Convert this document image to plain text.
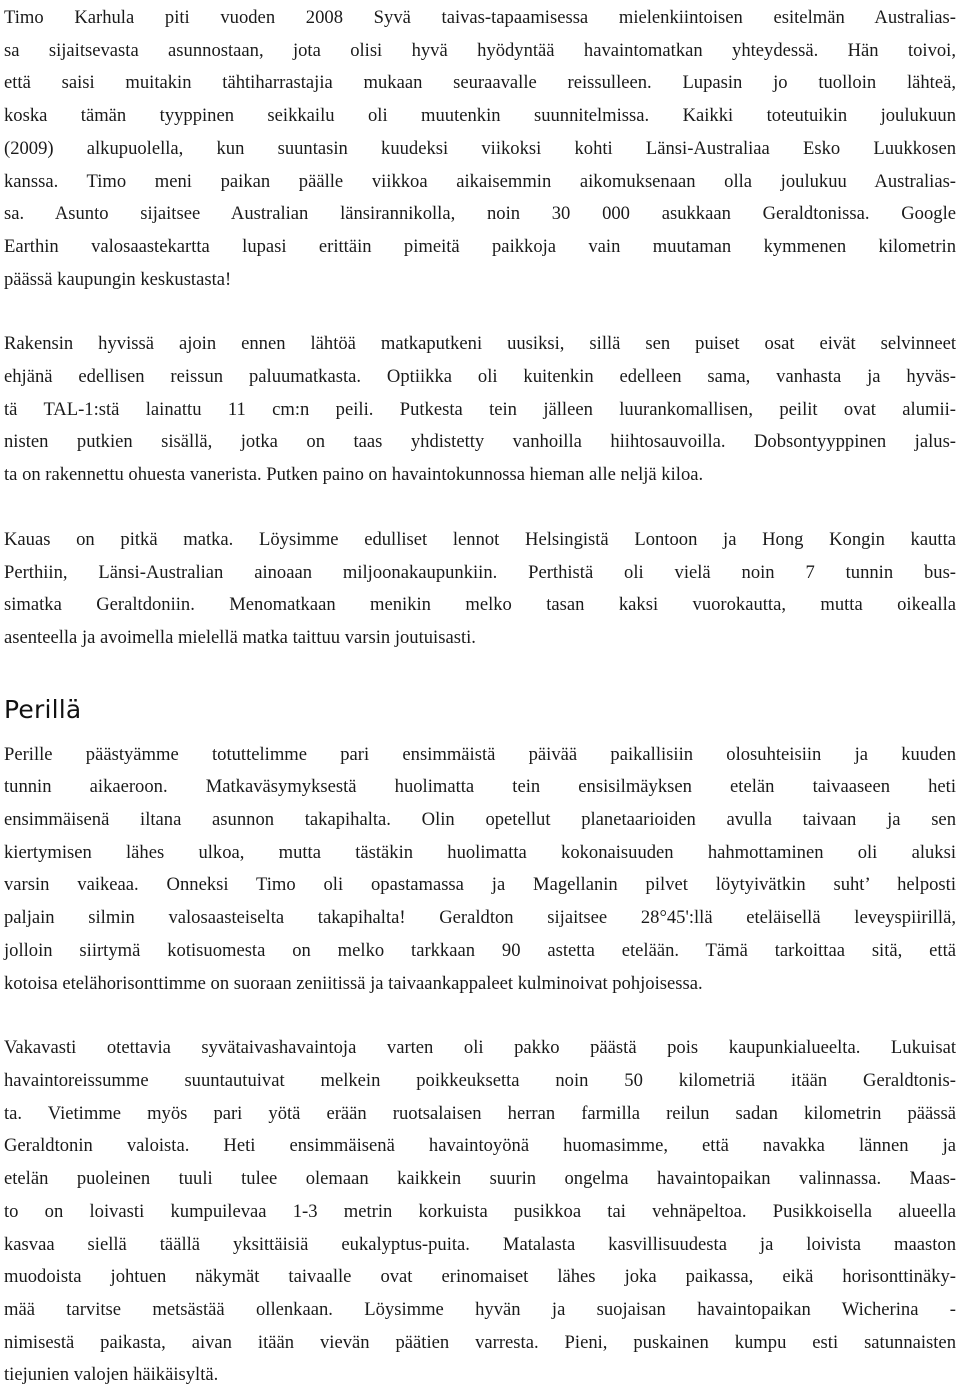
Timo Karhula piti vuoden 2008 Syvä taivas-tapaamisessa mielenkiintoisen esitelmän Australias-
sa sijaitsevasta asunnostaan, jota olisi hyvä hyödyntää havaintomatkan yhteydessä. Hän toivoi,
että saisi muitakin tähtiharrastajia mukaan seuraavalle reissulleen. Lupasin jo tuolloin lähteä,
koska tämän tyyppinen seikkailu oli muutenkin suunnitelmissa. Kaikki toteutuikin joulukuun
(2009) alkupuolella, kun suuntasin kuudeksi viikoksi kohti Länsi-Australiaa Esko Luukkosen
kanssa. Timo meni paikan päälle viikkoa aikaisemmin aikomuksenaan olla joulukuu Australias-
sa. Asunto sijaitsee Australian länsirannikolla, noin 30 000 asukkaan Geraldtonissa. Google
Earthin valosaastekartta lupasi erittäin pimeitä paikkoja vain muutaman kymmenen kilometrin
päässä kaupungin keskustasta!

Rakensin hyvissä ajoin ennen lähtöä matkaputkeni uusiksi, sillä sen puiset osat eivät selvinneet
ehjänä edellisen reissun paluumatkasta. Optiikka oli kuitenkin edelleen sama, vanhasta ja hyväs-
tä TAL-1:stä lainattu 11 cm:n peili. Putkesta tein jälleen luurankomallisen, peilit ovat alumii-
nisten putkien sisällä, jotka on taas yhdistetty vanhoilla hiihtosauvoilla. Dobsontyyppinen jalus-
ta on rakennettu ohuesta vanerista. Putken paino on havaintokunnossa hieman alle neljä kiloa.

Kauas on pitkä matka. Löysimme edulliset lennot Helsingistä Lontoon ja Hong Kongin kautta
Perthiin, Länsi-Australian ainoaan miljoonakaupunkiin. Perthistä oli vielä noin 7 tunnin bus-
simatka Geraltdoniin. Menomatkaan menikin melko tasan kaksi vuorokautta, mutta oikealla
asenteella ja avoimella mielellä matka taittuu varsin joutuisasti.

Perillä

Perille päästyämme totuttelimme pari ensimmäistä päivää paikallisiin olosuhteisiin ja kuuden
tunnin aikaeroon. Matkaväsymyksestä huolimatta tein ensisilmäyksen etelän taivaaseen heti
ensimmäisenä iltana asunnon takapihalta. Olin opetellut planetaarioiden avulla taivaan ja sen
kiertymisen lähes ulkoa, mutta tästäkin huolimatta kokonaisuuden hahmottaminen oli aluksi
varsin vaikeaa. Onneksi Timo oli opastamassa ja Magellanin pilvet löytyivätkin suht’ helposti
paljain silmin valosaasteiselta takapihalta! Geraldton sijaitsee 28°45':llä eteläisellä leveyspiirillä,
jolloin siirtymä kotisuomesta on melko tarkkaan 90 astetta etelään. Tämä tarkoittaa sitä, että
kotoisa etelähorisonttimme on suoraan zeniitissä ja taivaankappaleet kulminoivat pohjoisessa.

Vakavasti otettavia syvätaivashavaintoja varten oli pakko päästä pois kaupunkialueelta. Lukuisat
havaintoreissumme suuntautuivat melkein poikkeuksetta noin 50 kilometriä itään Geraldtonis-
ta. Vietimme myös pari yötä erään ruotsalaisen herran farmilla reilun sadan kilometrin päässä
Geraldtonin valoista. Heti ensimmäisenä havaintoyönä huomasimme, että navakka lännen ja
etelän puoleinen tuuli tulee olemaan kaikkein suurin ongelma havaintopaikan valinnassa. Maas-
to on loivasti kumpuilevaa 1-3 metrin korkuista pusikkoa tai vehnäpeltoa. Pusikkoisella alueella
kasvaa siellä täällä yksittäisiä eukalyptus-puita. Matalasta kasvillisuudesta ja loivista maaston
muodoista johtuen näkymät taivaalle ovat erinomaiset lähes joka paikassa, eikä horisonttinäky-
mää tarvitse metsästää ollenkaan. Löysimme hyvän ja suojaisan havaintopaikan Wicherina -
nimisestä paikasta, aivan itään vievän päätien varresta. Pieni, puskainen kumpu esti satunnaisten
tiejunien valojen häikäisyltä.
